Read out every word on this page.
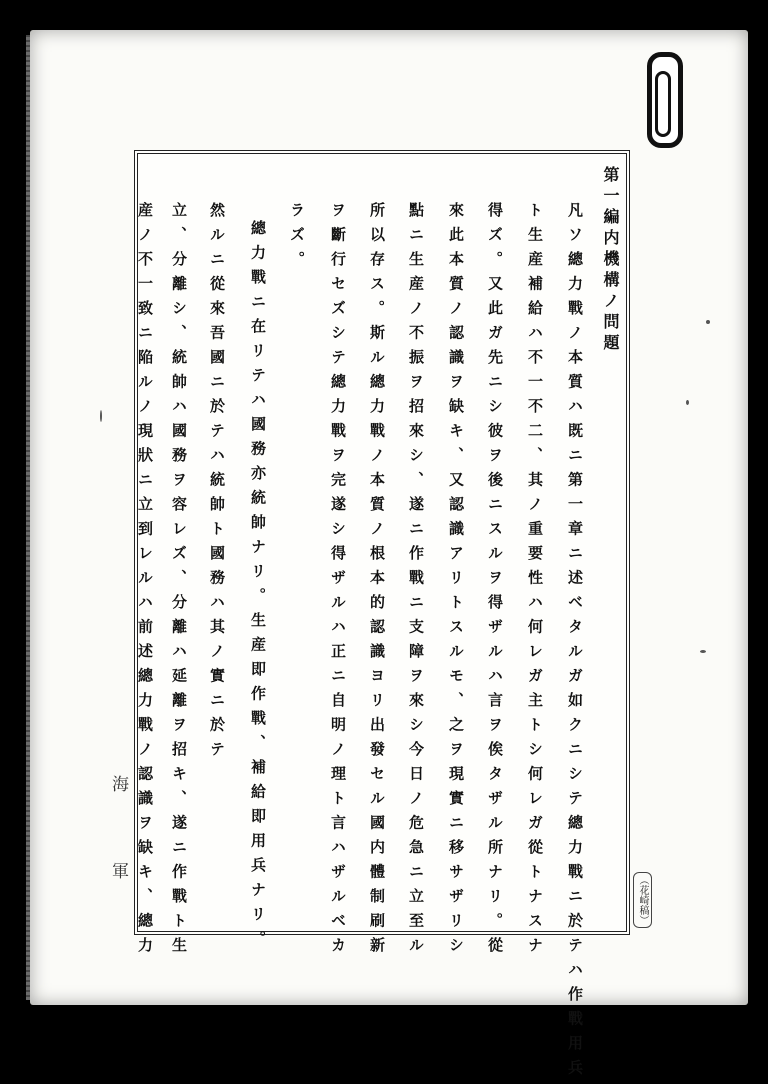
第一編内機構ノ問題
凡ソ總力戰ノ本質ハ既ニ第一章ニ述ベタルガ如クニシテ總力戰ニ於テハ作戰用兵
ト生産補給ハ不一不二、其ノ重要性ハ何レガ主トシ何レガ從トナスナ
得ズ。又此ガ先ニシ彼ヲ後ニスルヲ得ザルハ言ヲ俟タザル所ナリ。從
來此本質ノ認識ヲ缺キ、又認識アリトスルモ、之ヲ現實ニ移サザリシ
點ニ生産ノ不振ヲ招來シ、遂ニ作戰ニ支障ヲ來シ今日ノ危急ニ立至ル
所以存ス。斯ル總力戰ノ本質ノ根本的認識ヨリ出發セル國内體制刷新
ヲ斷行セズシテ總力戰ヲ完遂シ得ザルハ正ニ自明ノ理ト言ハザルベカ
ラズ。
總力戰ニ在リテハ國務亦統帥ナリ。生産即作戰、補給即用兵ナリ。
然ルニ從來吾國ニ於テハ統帥ト國務ハ其ノ實ニ於テ
立、分離シ、統帥ハ國務ヲ容レズ、分離ハ延離ヲ招キ、遂ニ作戰ト生
産ノ不一致ニ陥ルノ現狀ニ立到レルハ前述總力戰ノ認識ヲ缺キ、總力
海
軍
（花崎稿）
